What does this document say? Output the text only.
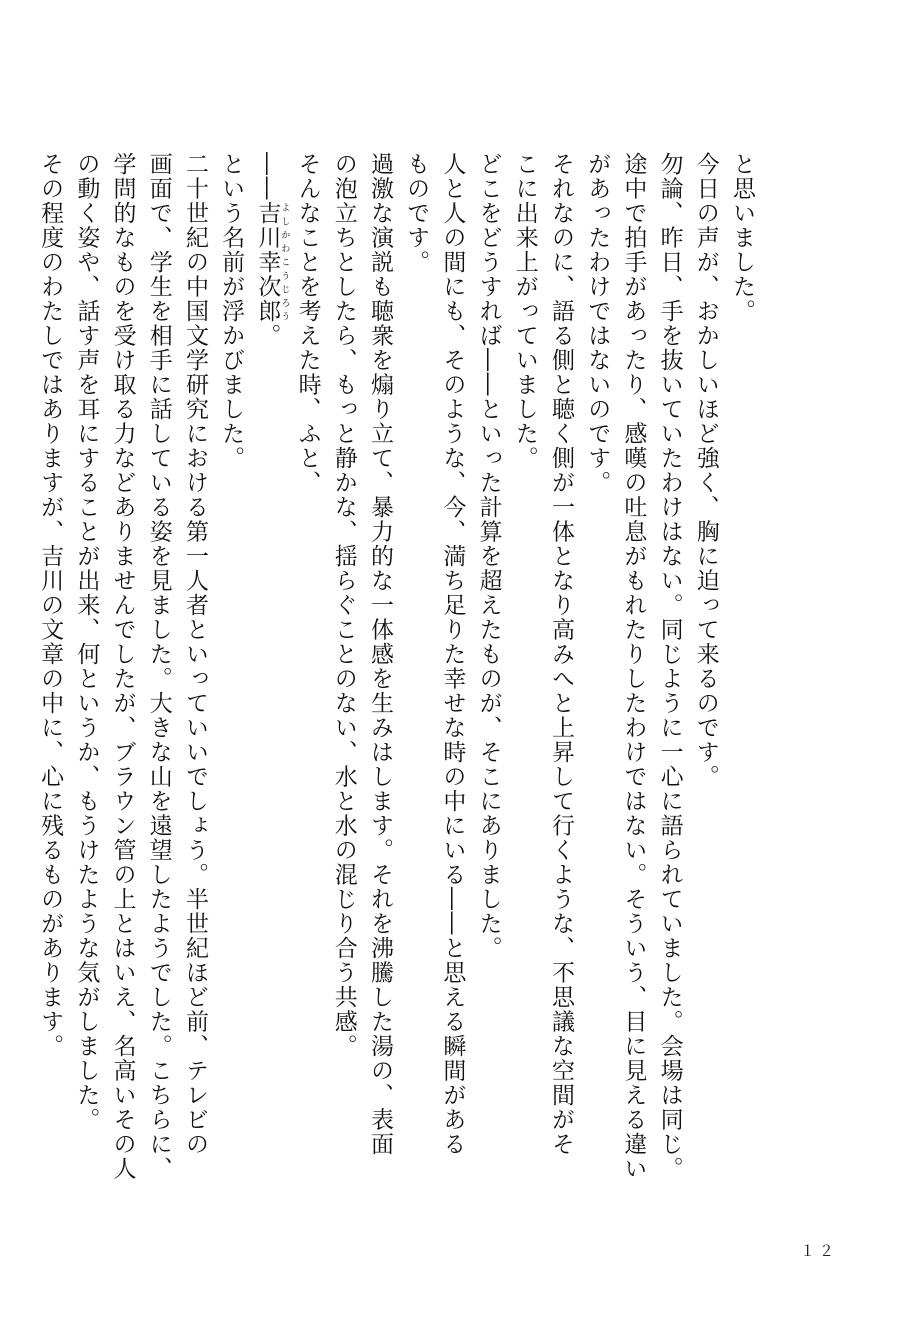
と思いました。
今日の声が、おかしいほど強く、胸に迫って来るのです。
勿論、昨日、手を抜いていたわけはない。同じように一心に語られていました。会場は同じ。
途中で拍手があったり、感嘆の吐息がもれたりしたわけではない。そういう、目に見える違い
があったわけではないのです。
それなのに、語る側と聴く側が一体となり高みへと上昇して行くような、不思議な空間がそ
こに出来上がっていました。
どこをどうすれば――といった計算を超えたものが、そこにありました。
人と人の間にも、そのような、今、満ち足りた幸せな時の中にいる――と思える瞬間がある
ものです。
過激な演説も聴衆を煽り立て、暴力的な一体感を生みはします。それを沸騰した湯の、表面
の泡立ちとしたら、もっと静かな、揺らぐことのない、水と水の混じり合う共感。
そんなことを考えた時、ふと、
――吉川幸次郎 よしかわこうじろう。
という名前が浮かびました。
二十世紀の中国文学研究における第一人者といっていいでしょう。半世紀ほど前、テレビの
画面で、学生を相手に話している姿を見ました。大きな山を遠望したようでした。こちらに、
学問的なものを受け取る力などありませんでしたが、ブラウン管の上とはいえ、名高いその人
の動く姿や、話す声を耳にすることが出来、何というか、もうけたような気がしました。
その程度のわたしではありますが、吉川の文章の中に、心に残るものがあります。
１２
